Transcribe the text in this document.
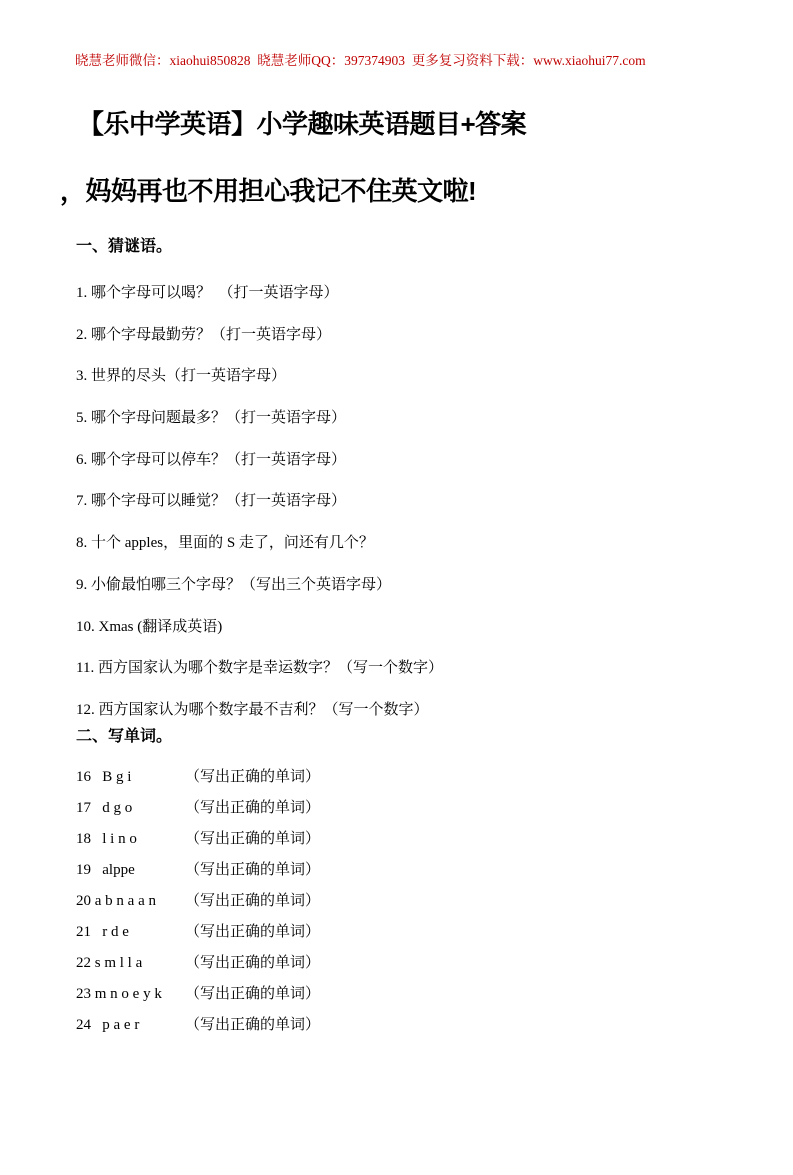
晓慧老师微信：xiaohui850828  晓慧老师QQ：397374903  更多复习资料下载：www.xiaohui77.com

【乐中学英语】小学趣味英语题目+答案
，妈妈再也不用担心我记不住英文啦!
一、猜谜语。

1. 哪个字母可以喝？　（打一英语字母）

2. 哪个字母最勤劳？（打一英语字母）

3. 世界的尽头（打一英语字母）

5. 哪个字母问题最多？（打一英语字母）

6. 哪个字母可以停车？（打一英语字母）

7. 哪个字母可以睡觉？（打一英语字母）

8. 十个 apples，里面的 S 走了，问还有几个？

9. 小偷最怕哪三个字母？（写出三个英语字母）

10. Xmas (翻译成英语)

11. 西方国家认为哪个数字是幸运数字？（写一个数字）

12. 西方国家认为哪个数字最不吉利？（写一个数字）

二、写单词。
16   B g i	（写出正确的单词）
17   d g o	（写出正确的单词）
18   l i n o	（写出正确的单词）
19   alppe	（写出正确的单词）
20 a b n a a n	（写出正确的单词）
21   r d e	（写出正确的单词）
22 s m l l a	（写出正确的单词）
23 m n o e y k	（写出正确的单词）
24   p a e r	（写出正确的单词）
